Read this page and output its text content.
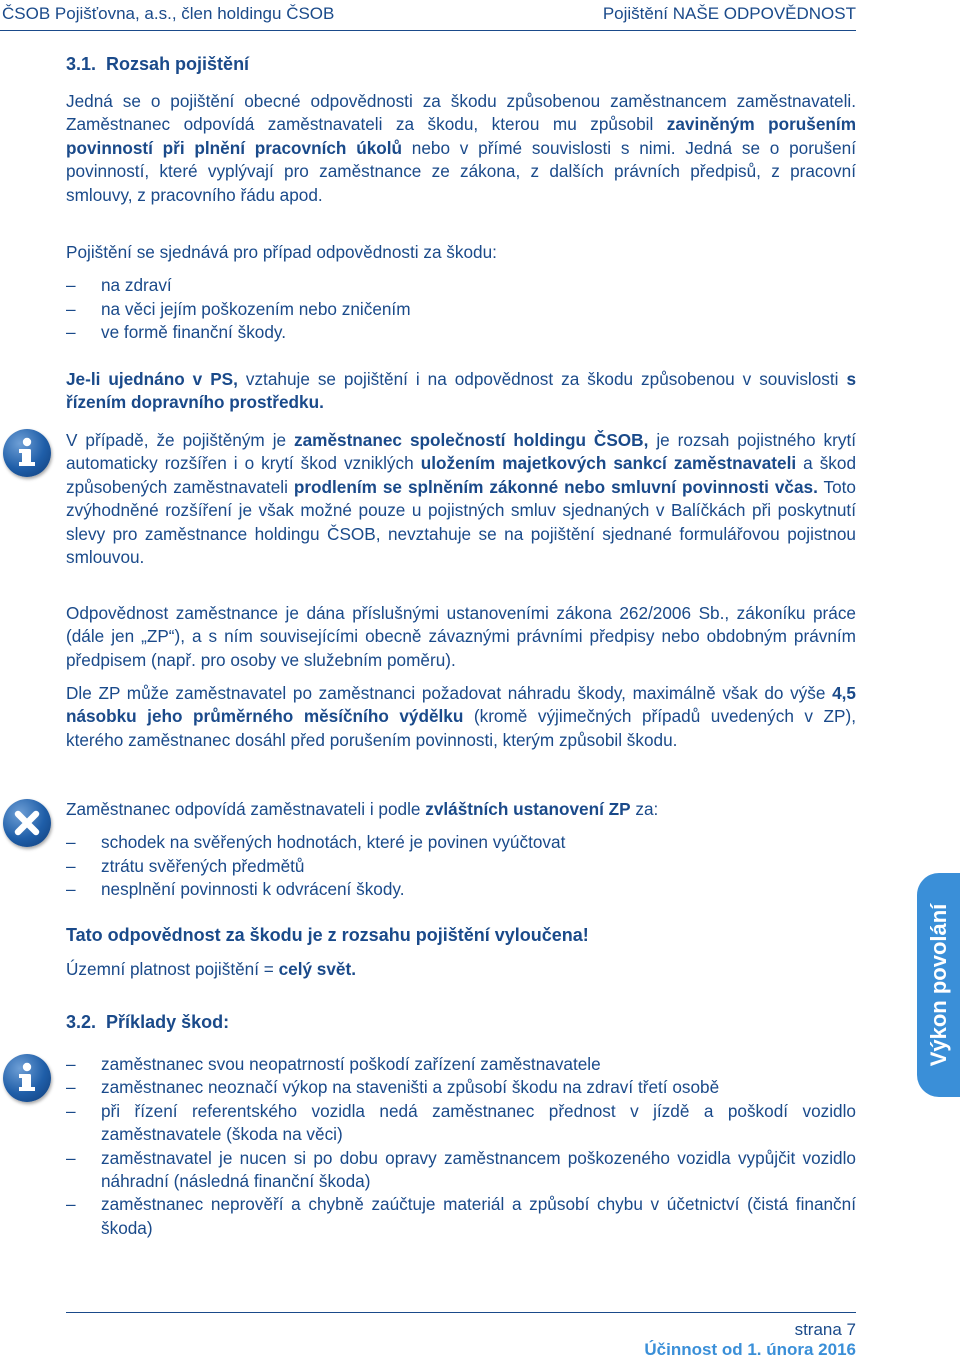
ČSOB Pojišťovna, a.s., člen holdingu ČSOB	Pojištění NAŠE ODPOVĚDNOST
Výkon povolání
3.1. Rozsah pojištění

Jedná se o pojištění obecné odpovědnosti za škodu způsobenou zaměstnancem zaměstnavateli. Zaměstnanec odpovídá zaměstnavateli za škodu, kterou mu způsobil zaviněným porušením povinností při plnění pracovních úkolů nebo v přímé souvislosti s nimi. Jedná se o porušení povinností, které vyplývají pro zaměstnance ze zákona, z dalších právních předpisů, z pracovní smlouvy, z pracovního řádu apod.

Pojištění se sjednává pro případ odpovědnosti za škodu:

– na zdraví
– na věci jejím poškozením nebo zničením
– ve formě finanční škody.

Je-li ujednáno v PS, vztahuje se pojištění i na odpovědnost za škodu způsobenou v souvislosti s řízením dopravního prostředku.

V případě, že pojištěným je zaměstnanec společností holdingu ČSOB, je rozsah pojistného krytí automaticky rozšířen i o krytí škod vzniklých uložením majetkových sankcí zaměstnavateli a škod způsobených zaměstnavateli prodlením se splněním zákonné nebo smluvní povinnosti včas. Toto zvýhodněné rozšíření je však možné pouze u pojistných smluv sjednaných v Balíčkách při poskytnutí slevy pro zaměstnance holdingu ČSOB, nevztahuje se na pojištění sjednané formulářovou pojistnou smlouvou.

Odpovědnost zaměstnance je dána příslušnými ustanoveními zákona 262/2006 Sb., zákoníku práce (dále jen „ZP“), a s ním souvisejícími obecně závaznými právními předpisy nebo obdobným právním předpisem (např. pro osoby ve služebním poměru).

Dle ZP může zaměstnavatel po zaměstnanci požadovat náhradu škody, maximálně však do výše 4,5 násobku jeho průměrného měsíčního výdělku (kromě výjimečných případů uvedených v ZP), kterého zaměstnanec dosáhl před porušením povinnosti, kterým způsobil škodu.

Zaměstnanec odpovídá zaměstnavateli i podle zvláštních ustanovení ZP za:

– schodek na svěřených hodnotách, které je povinen vyúčtovat
– ztrátu svěřených předmětů
– nesplnění povinnosti k odvrácení škody.

Tato odpovědnost za škodu je z rozsahu pojištění vyloučena!

Územní platnost pojištění = celý svět.

3.2. Příklady škod:
– zaměstnanec svou neopatrností poškodí zařízení zaměstnavatele
– zaměstnanec neoznačí výkop na staveništi a způsobí škodu na zdraví třetí osobě
– při řízení referentského vozidla nedá zaměstnanec přednost v jízdě a poškodí vozidlo zaměstnavatele (škoda na věci)
– zaměstnavatel je nucen si po dobu opravy zaměstnancem poškozeného vozidla vypůjčit vozidlo náhradní (následná finanční škoda)
– zaměstnanec neprověří a chybně zaúčtuje materiál a způsobí chybu v účetnictví (čistá finanční škoda)
strana 7
Účinnost od 1. února 2016
